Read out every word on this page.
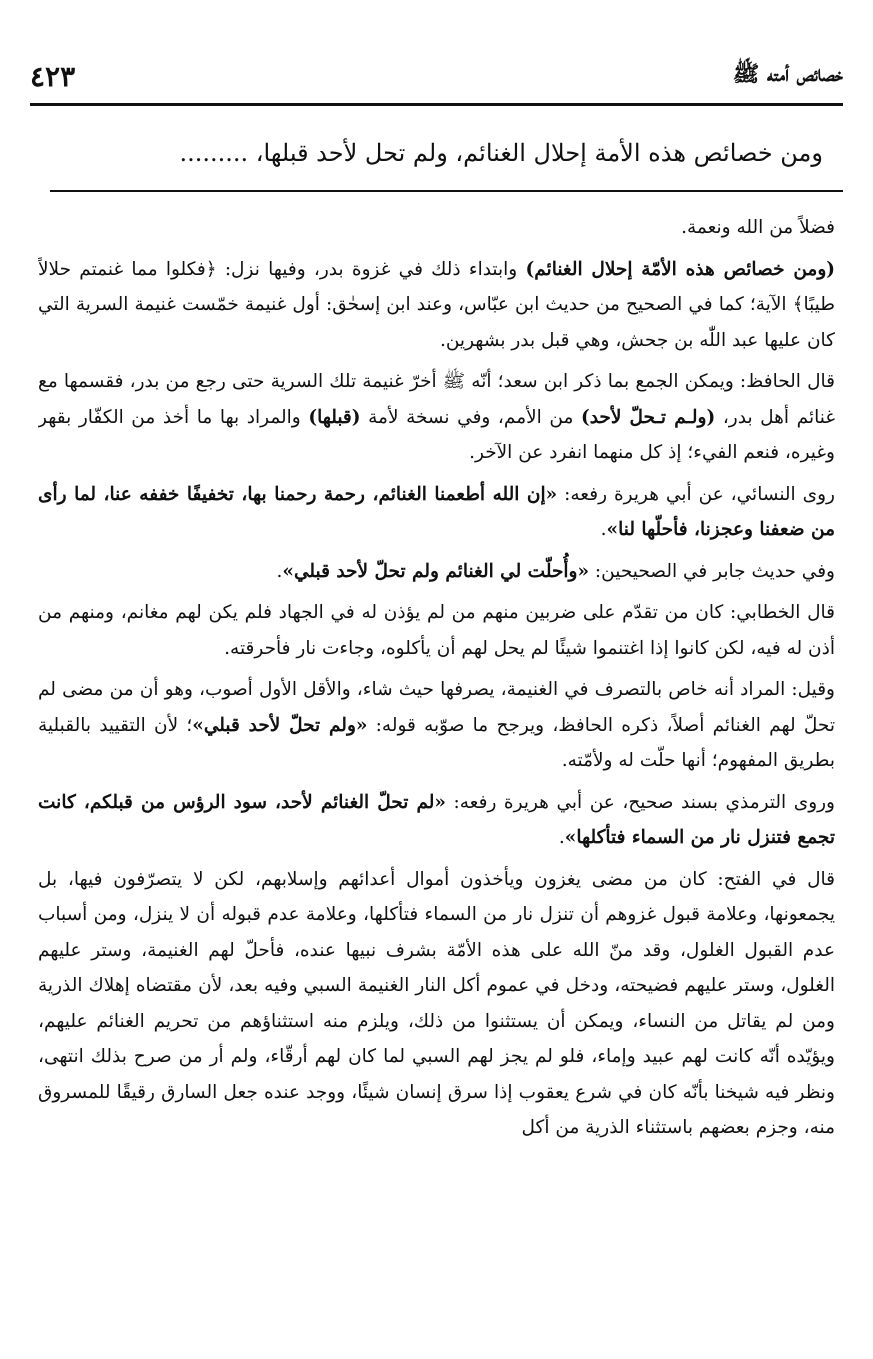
٤٢٣	خصائص أمته ﷺ
ومن خصائص هذه الأمة إحلال الغنائم، ولم تحل لأحد قبلها، .........

فضلاً من الله ونعمة.

(ومن خصائص هذه الأمّة إحلال الغنائم) وابتداء ذلك في غزوة بدر، وفيها نزل: ﴿فكلوا مما غنمتم حلالاً طيبًا﴾ الآية؛ كما في الصحيح من حديث ابن عبّاس، وعند ابن إسحٰق: أول غنيمة خمّست غنيمة السرية التي كان عليها عبد اللّٰه بن جحش، وهي قبل بدر بشهرين.

قال الحافظ: ويمكن الجمع بما ذكر ابن سعد؛ أنّه ﷺ أخرّ غنيمة تلك السرية حتى رجع من بدر، فقسمها مع غنائم أهل بدر، (ولـم تـحلّ لأحد) من الأمم، وفي نسخة لأمة (قبلها) والمراد بها ما أخذ من الكفّار بقهر وغيره، فنعم الفيء؛ إذ كل منهما انفرد عن الآخر.

روى النسائي، عن أبي هريرة رفعه: «إن الله أطعمنا الغنائم، رحمة رحمنا بها، تخفيفًا خففه عنا، لما رأى من ضعفنا وعجزنا، فأحلّها لنا».

وفي حديث جابر في الصحيحين: «وأُحلّت لي الغنائم ولم تحلّ لأحد قبلي».

قال الخطابي: كان من تقدّم على ضربين منهم من لم يؤذن له في الجهاد فلم يكن لهم مغانم، ومنهم من أذن له فيه، لكن كانوا إذا اغتنموا شيئًا لم يحل لهم أن يأكلوه، وجاءت نار فأحرقته.

وقيل: المراد أنه خاص بالتصرف في الغنيمة، يصرفها حيث شاء، والأقل الأول أصوب، وهو أن من مضى لم تحلّ لهم الغنائم أصلاً، ذكره الحافظ، ويرجح ما صوّبه قوله: «ولم تحلّ لأحد قبلي»؛ لأن التقييد بالقبلية بطريق المفهوم؛ أنها حلّت له ولأمّته.

وروى الترمذي بسند صحيح، عن أبي هريرة رفعه: «لم تحلّ الغنائم لأحد، سود الرؤس من قبلكم، كانت تجمع فتنزل نار من السماء فتأكلها».

قال في الفتح: كان من مضى يغزون ويأخذون أموال أعدائهم وإسلابهم، لكن لا يتصرّفون فيها، بل يجمعونها، وعلامة قبول غزوهم أن تنزل نار من السماء فتأكلها، وعلامة عدم قبوله أن لا ينزل، ومن أسباب عدم القبول الغلول، وقد منّ الله على هذه الأمّة بشرف نبيها عنده، فأحلّ لهم الغنيمة، وستر عليهم الغلول، وستر عليهم فضيحته، ودخل في عموم أكل النار الغنيمة السبي وفيه بعد، لأن مقتضاه إهلاك الذرية ومن لم يقاتل من النساء، ويمكن أن يستثنوا من ذلك، ويلزم منه استثناؤهم من تحريم الغنائم عليهم، ويؤيّده أنّه كانت لهم عبيد وإماء، فلو لم يجز لهم السبي لما كان لهم أرقّاء، ولم أر من صرح بذلك انتهى، ونظر فيه شيخنا بأنّه كان في شرع يعقوب إذا سرق إنسان شيئًا، ووجد عنده جعل السارق رقيقًا للمسروق منه، وجزم بعضهم باستثناء الذرية من أكل
